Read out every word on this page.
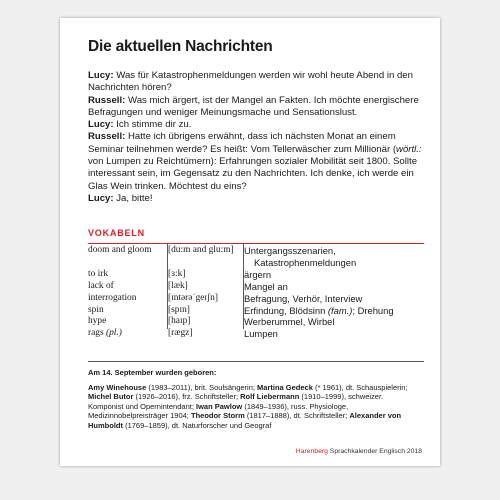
Die aktuellen Nachrichten

Lucy: Was für Katastrophenmeldungen werden wir wohl heute Abend in den Nachrichten hören?

Russell: Was mich ärgert, ist der Mangel an Fakten. Ich möchte energischere Befragungen und weniger Meinungsmache und Sensationslust.

Lucy: Ich stimme dir zu.

Russell: Hatte ich übrigens erwähnt, dass ich nächsten Monat an einem Seminar teilnehmen werde? Es heißt: Vom Tellerwäscher zum Millionär (wörtl.: von Lumpen zu Reichtümern): Erfahrungen sozialer Mobilität seit 1800. Sollte interessant sein, im Gegensatz zu den Nachrichten. Ich denke, ich werde ein Glas Wein trinken. Möchtest du eins?

Lucy: Ja, bitte!

VOKABELN
doom and gloom	[du:m and glu:m]	Untergangsszenarien,
Katastrophenmeldungen
to irk	[ɜ:k]	ärgern
lack of	[læk]	Mangel an
interrogation	[ɪntərəˈgeɪʃn]	Befragung, Verhör, Interview
spin	[spɪn]	Erfindung, Blödsinn (fam.); Drehung
hype	[haɪp]	Werberummel, Wirbel
rags (pl.)	[rægz]	Lumpen

Am 14. September wurden geboren:

Amy Winehouse (1983–2011), brit. Soulsängerin; Martina Gedeck (* 1961), dt. Schauspielerin; Michel Butor (1926–2016), frz. Schriftsteller; Rolf Liebermann (1910–1999), schweizer. Komponist und Opernintendant; Iwan Pawlow (1849–1936), russ. Physiologe, Medizinnobelpreisträger 1904; Theodor Storm (1817–1888), dt. Schriftsteller; Alexander von Humboldt (1769–1859), dt. Naturforscher und Geograf

Harenberg Sprachkalender Englisch 2018
